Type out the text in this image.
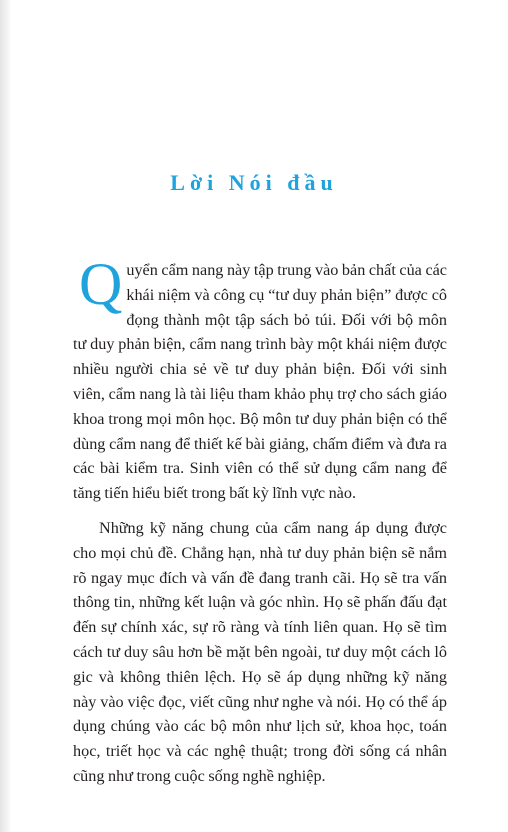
Lời Nói đầu

Quyển cẩm nang này tập trung vào bản chất của các khái niệm và công cụ “tư duy phản biện” được cô đọng thành một tập sách bỏ túi. Đối với bộ môn tư duy phản biện, cẩm nang trình bày một khái niệm được nhiều người chia sẻ về tư duy phản biện. Đối với sinh viên, cẩm nang là tài liệu tham khảo phụ trợ cho sách giáo khoa trong mọi môn học. Bộ môn tư duy phản biện có thể dùng cẩm nang để thiết kế bài giảng, chấm điểm và đưa ra các bài kiểm tra. Sinh viên có thể sử dụng cẩm nang để tăng tiến hiểu biết trong bất kỳ lĩnh vực nào.

Những kỹ năng chung của cẩm nang áp dụng được cho mọi chủ đề. Chẳng hạn, nhà tư duy phản biện sẽ nắm rõ ngay mục đích và vấn đề đang tranh cãi. Họ sẽ tra vấn thông tin, những kết luận và góc nhìn. Họ sẽ phấn đấu đạt đến sự chính xác, sự rõ ràng và tính liên quan. Họ sẽ tìm cách tư duy sâu hơn bề mặt bên ngoài, tư duy một cách lô gic và không thiên lệch. Họ sẽ áp dụng những kỹ năng này vào việc đọc, viết cũng như nghe và nói. Họ có thể áp dụng chúng vào các bộ môn như lịch sử, khoa học, toán học, triết học và các nghệ thuật; trong đời sống cá nhân cũng như trong cuộc sống nghề nghiệp.
